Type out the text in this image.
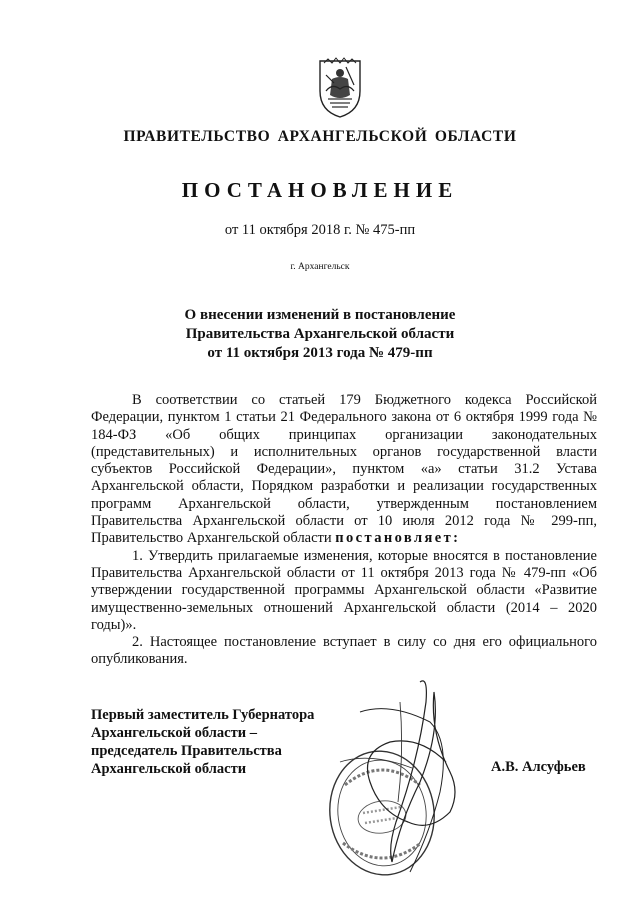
ПРАВИТЕЛЬСТВО АРХАНГЕЛЬСКОЙ ОБЛАСТИ
ПОСТАНОВЛЕНИЕ
от 11 октября 2018 г. № 475-пп
г. Архангельск
О внесении изменений в постановление
Правительства Архангельской области
от 11 октября 2013 года № 479-пп

В соответствии со статьей 179 Бюджетного кодекса Российской Федерации, пунктом 1 статьи 21 Федерального закона от 6 октября 1999 года № 184-ФЗ «Об общих принципах организации законодательных (представительных) и исполнительных органов государственной власти субъектов Российской Федерации», пунктом «а» статьи 31.2 Устава Архангельской области, Порядком разработки и реализации государственных программ Архангельской области, утвержденным постановлением Правительства Архангельской области от 10 июля 2012 года № 299-пп, Правительство Архангельской области постановляет:

1. Утвердить прилагаемые изменения, которые вносятся в постановление Правительства Архангельской области от 11 октября 2013 года № 479-пп «Об утверждении государственной программы Архангельской области «Развитие имущественно-земельных отношений Архангельской области (2014 – 2020 годы)».

2. Настоящее постановление вступает в силу со дня его официального опубликования.

Первый заместитель Губернатора
Архангельской области –
председатель Правительства
Архангельской области	А.В. Алсуфьев
